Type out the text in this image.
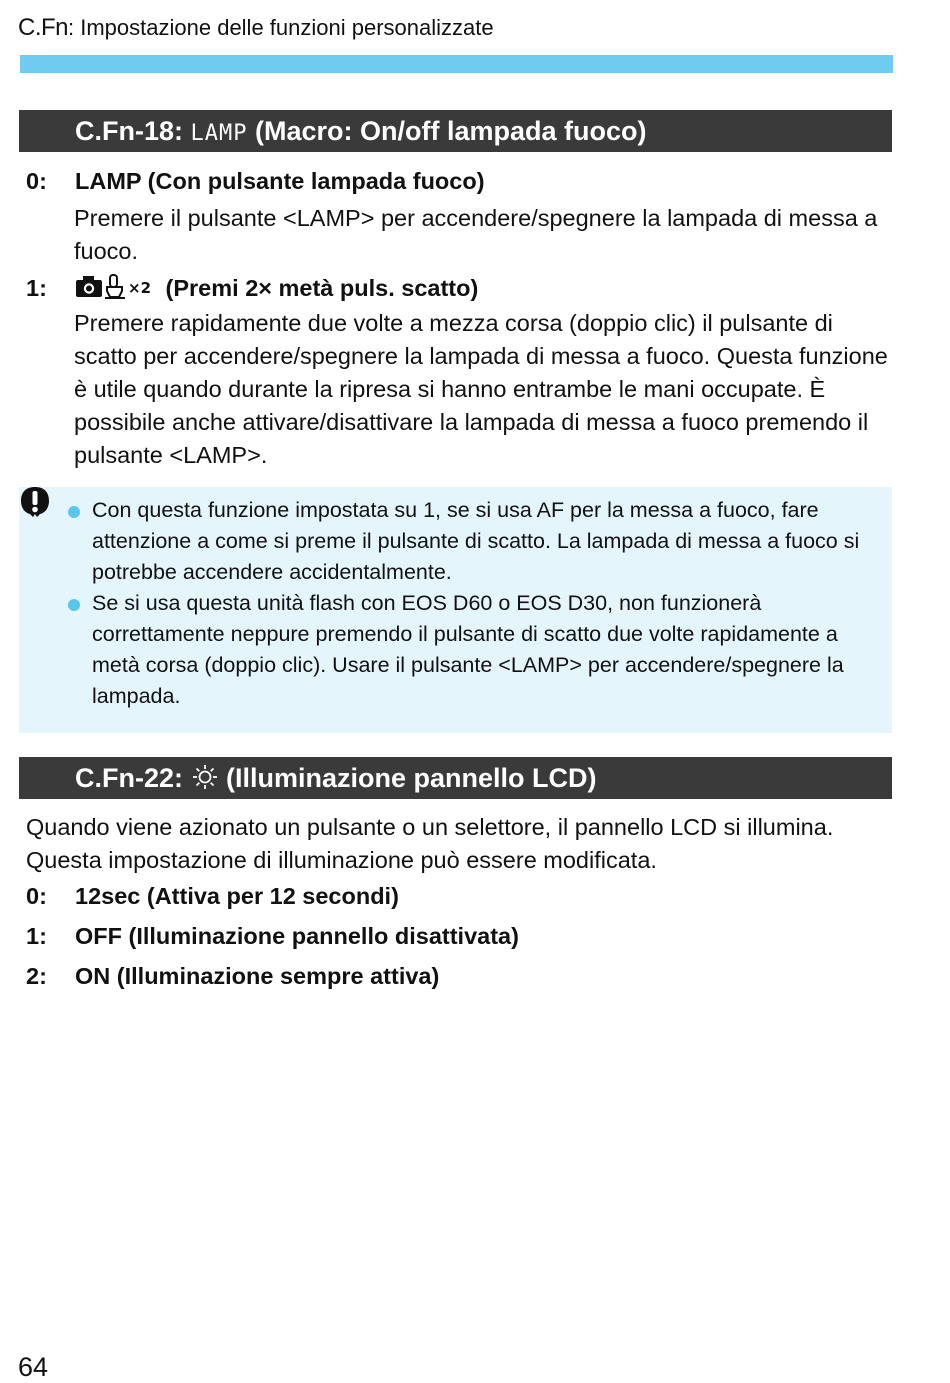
C.Fn: Impostazione delle funzioni personalizzate
C.Fn-18: LAMP (Macro: On/off lampada fuoco)
0: LAMP (Con pulsante lampada fuoco)
Premere il pulsante <LAMP> per accendere/spegnere la lampada di messa a fuoco.
1:	×2 (Premi 2× metà puls. scatto)
Premere rapidamente due volte a mezza corsa (doppio clic) il pulsante di scatto per accendere/spegnere la lampada di messa a fuoco. Questa funzione è utile quando durante la ripresa si hanno entrambe le mani occupate. È possibile anche attivare/disattivare la lampada di messa a fuoco premendo il pulsante <LAMP>.
Con questa funzione impostata su 1, se si usa AF per la messa a fuoco, fare attenzione a come si preme il pulsante di scatto. La lampada di messa a fuoco si potrebbe accendere accidentalmente.
Se si usa questa unità flash con EOS D60 o EOS D30, non funzionerà correttamente neppure premendo il pulsante di scatto due volte rapidamente a metà corsa (doppio clic). Usare il pulsante <LAMP> per accendere/spegnere la lampada.
C.Fn-22:  (Illuminazione pannello LCD)
Quando viene azionato un pulsante o un selettore, il pannello LCD si illumina. Questa impostazione di illuminazione può essere modificata.
0: 12sec (Attiva per 12 secondi)
1: OFF (Illuminazione pannello disattivata)
2: ON (Illuminazione sempre attiva)
64
